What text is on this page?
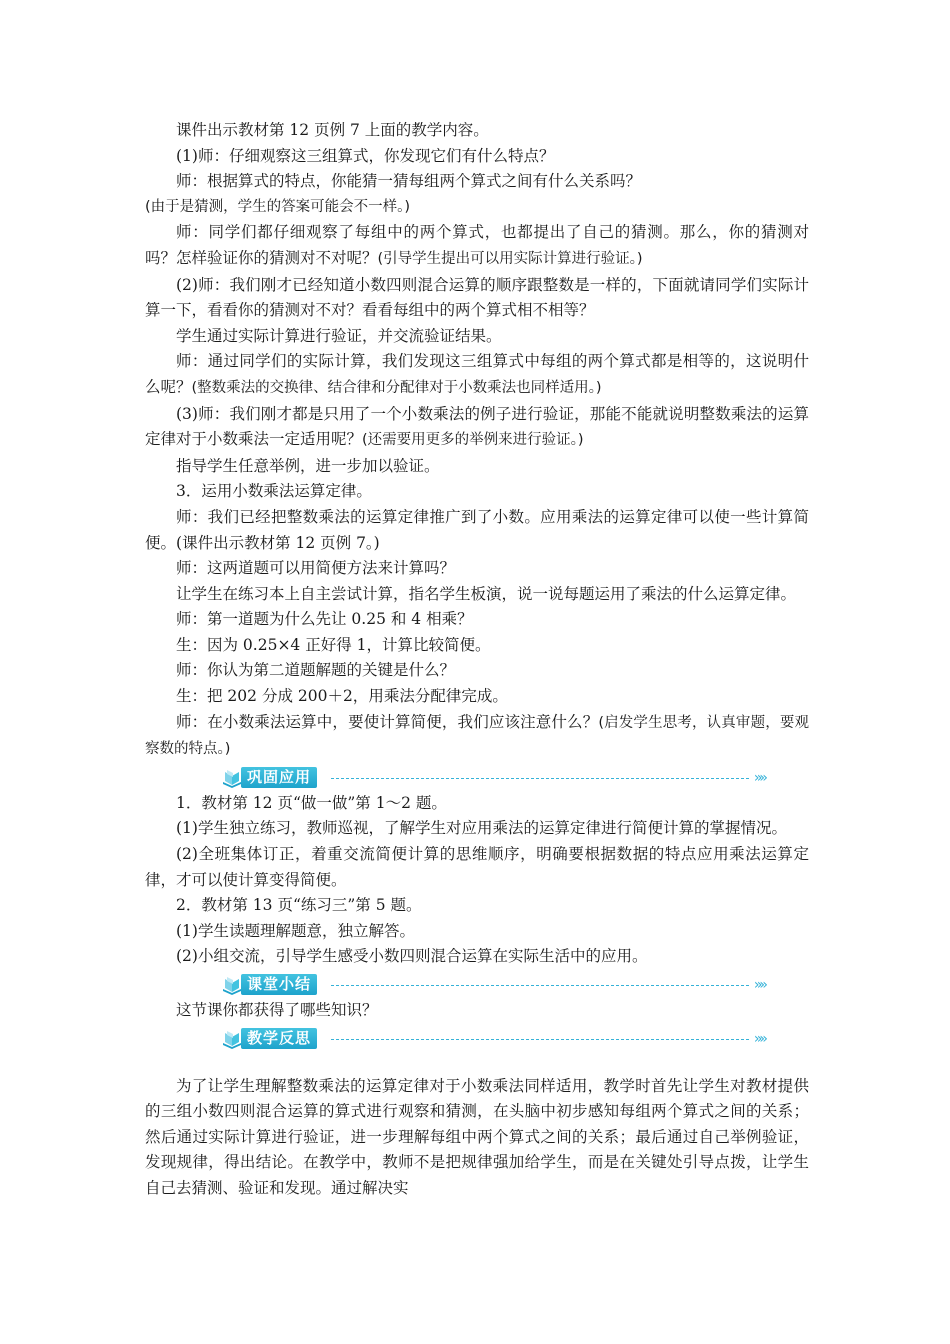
课件出示教材第 12 页例 7 上面的教学内容。

(1)师：仔细观察这三组算式，你发现它们有什么特点？

师：根据算式的特点，你能猜一猜每组两个算式之间有什么关系吗？

(由于是猜测，学生的答案可能会不一样。)

师：同学们都仔细观察了每组中的两个算式，也都提出了自己的猜测。那么，你的猜测对吗？怎样验证你的猜测对不对呢？(引导学生提出可以用实际计算进行验证。)

(2)师：我们刚才已经知道小数四则混合运算的顺序跟整数是一样的，下面就请同学们实际计算一下，看看你的猜测对不对？看看每组中的两个算式相不相等？

学生通过实际计算进行验证，并交流验证结果。

师：通过同学们的实际计算，我们发现这三组算式中每组的两个算式都是相等的，这说明什么呢？(整数乘法的交换律、结合律和分配律对于小数乘法也同样适用。)

(3)师：我们刚才都是只用了一个小数乘法的例子进行验证，那能不能就说明整数乘法的运算定律对于小数乘法一定适用呢？(还需要用更多的举例来进行验证。)

指导学生任意举例，进一步加以验证。

3．运用小数乘法运算定律。

师：我们已经把整数乘法的运算定律推广到了小数。应用乘法的运算定律可以使一些计算简便。(课件出示教材第 12 页例 7。)

师：这两道题可以用简便方法来计算吗？

让学生在练习本上自主尝试计算，指名学生板演，说一说每题运用了乘法的什么运算定律。

师：第一道题为什么先让 0.25 和 4 相乘？

生：因为 0.25×4 正好得 1，计算比较简便。

师：你认为第二道题解题的关键是什么？

生：把 202 分成 200＋2，用乘法分配律完成。

师：在小数乘法运算中，要使计算简便，我们应该注意什么？(启发学生思考，认真审题，要观察数的特点。)

巩固应用	»»

1．教材第 12 页“做一做”第 1～2 题。

(1)学生独立练习，教师巡视，了解学生对应用乘法的运算定律进行简便计算的掌握情况。

(2)全班集体订正，着重交流简便计算的思维顺序，明确要根据数据的特点应用乘法运算定律，才可以使计算变得简便。

2．教材第 13 页“练习三”第 5 题。

(1)学生读题理解题意，独立解答。

(2)小组交流，引导学生感受小数四则混合运算在实际生活中的应用。

课堂小结	»»

这节课你都获得了哪些知识？

教学反思	»»

为了让学生理解整数乘法的运算定律对于小数乘法同样适用，教学时首先让学生对教材提供的三组小数四则混合运算的算式进行观察和猜测，在头脑中初步感知每组两个算式之间的关系；然后通过实际计算进行验证，进一步理解每组中两个算式之间的关系；最后通过自己举例验证，发现规律，得出结论。在教学中，教师不是把规律强加给学生，而是在关键处引导点拨，让学生自己去猜测、验证和发现。通过解决实
